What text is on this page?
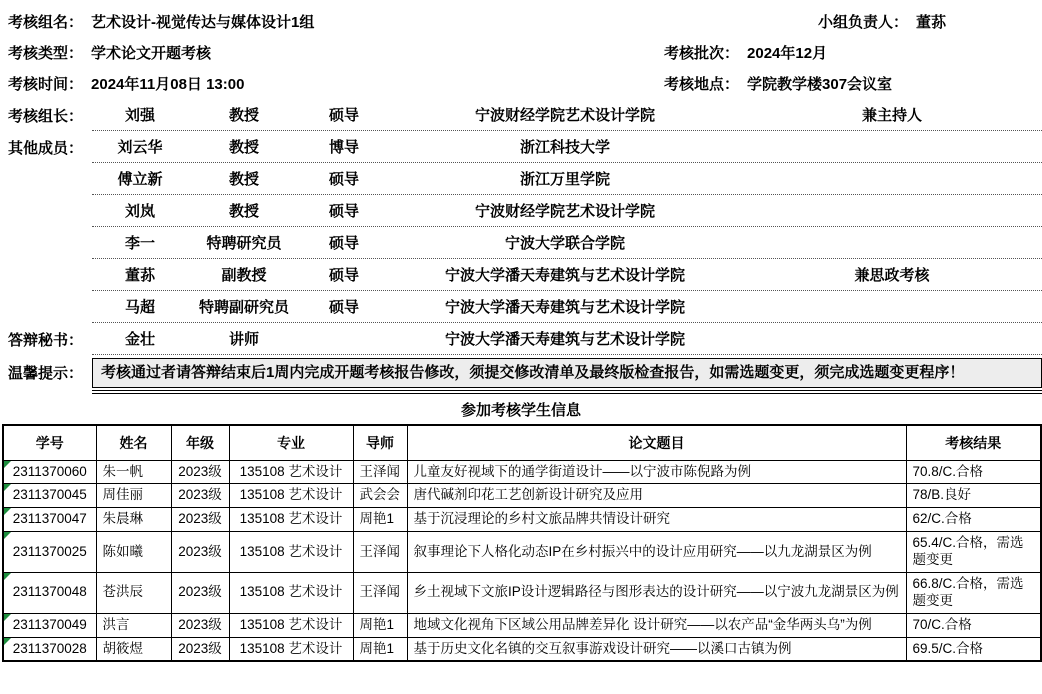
考核组名： 艺术设计-视觉传达与媒体设计1组	小组负责人： 董荪
考核类型： 学术论文开题考核	考核批次： 2024年12月
考核时间： 2024年11月08日 13:00	考核地点： 学院教学楼307会议室
考核组长：	刘强	教授	硕导	宁波财经学院艺术设计学院	兼主持人
其他成员：	刘云华	教授	博导	浙江科技大学
傅立新	教授	硕导	浙江万里学院
刘岚	教授	硕导	宁波财经学院艺术设计学院
李一	特聘研究员	硕导	宁波大学联合学院
董荪	副教授	硕导	宁波大学潘天寿建筑与艺术设计学院	兼思政考核
马超	特聘副研究员	硕导	宁波大学潘天寿建筑与艺术设计学院
答辩秘书：	金壮	讲师	宁波大学潘天寿建筑与艺术设计学院
温馨提示：	考核通过者请答辩结束后1周内完成开题考核报告修改，须提交修改清单及最终版检查报告，如需选题变更，须完成选题变更程序！
参加考核学生信息
学号	姓名	年级	专业	导师	论文题目	考核结果

2311370060	朱一帆	2023级	135108 艺术设计	王泽闻	儿童友好视域下的通学街道设计——以宁波市陈倪路为例	70.8/C.合格

2311370045	周佳丽	2023级	135108 艺术设计	武会会	唐代碱剂印花工艺创新设计研究及应用	78/B.良好

2311370047	朱晨琳	2023级	135108 艺术设计	周艳1	基于沉浸理论的乡村文旅品牌共情设计研究	62/C.合格

2311370025	陈如曦	2023级	135108 艺术设计	王泽闻	叙事理论下人格化动态IP在乡村振兴中的设计应用研究——以九龙湖景区为例	65.4/C.合格，需选题变更

2311370048	苍洪辰	2023级	135108 艺术设计	王泽闻	乡土视域下文旅IP设计逻辑路径与图形表达的设计研究——以宁波九龙湖景区为例	66.8/C.合格，需选题变更

2311370049	洪言	2023级	135108 艺术设计	周艳1	地域文化视角下区域公用品牌差异化 设计研究——以农产品“金华两头乌”为例	70/C.合格

2311370028	胡筱煜	2023级	135108 艺术设计	周艳1	基于历史文化名镇的交互叙事游戏设计研究——以溪口古镇为例	69.5/C.合格
